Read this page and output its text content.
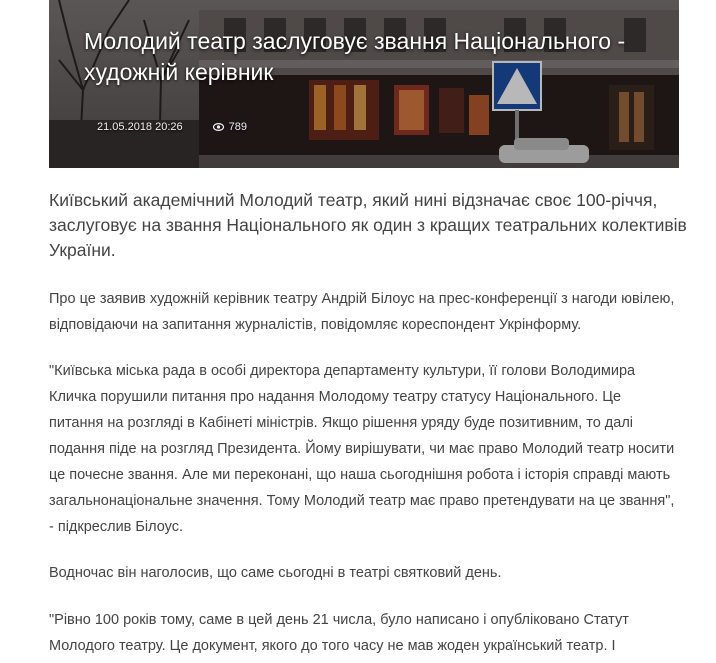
Молодий театр заслуговує звання Національного - художній керівник
21.05.2018 20:26	789

Київський академічний Молодий театр, який нині відзначає своє 100-річчя, заслуговує на звання Національного як один з кращих театральних колективів України.

Про це заявив художній керівник театру Андрій Білоус на прес-конференції з нагоди ювілею, відповідаючи на запитання журналістів, повідомляє кореспондент Укрінформу.

"Київська міська рада в особі директора департаменту культури, її голови Володимира Кличка порушили питання про надання Молодому театру статусу Національного. Це питання на розгляді в Кабінеті міністрів. Якщо рішення уряду буде позитивним, то далі подання піде на розгляд Президента. Йому вирішувати, чи має право Молодий театр носити це почесне звання. Але ми переконані, що наша сьогоднішня робота і історія справді мають загальнонаціональне значення. Тому Молодий театр має право претендувати на це звання", - підкреслив Білоус.

Водночас він наголосив, що саме сьогодні в театрі святковий день.

"Рівно 100 років тому, саме в цей день 21 числа, було написано і опубліковано Статут Молодого театру. Це документ, якого до того часу не мав жоден український театр. І
